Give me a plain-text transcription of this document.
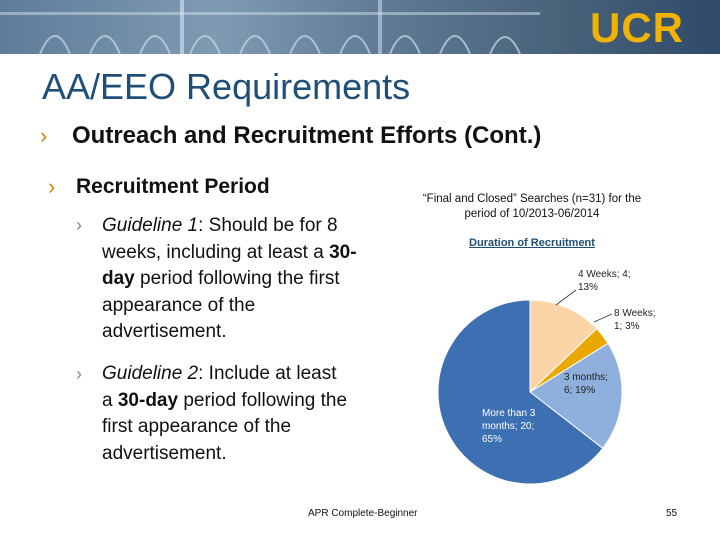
UCR
AA/EEO Requirements
› Outreach and Recruitment Efforts (Cont.)
› Recruitment Period
› Guideline 1: Should be for 8 weeks, including at least a 30-day period following the first appearance of the advertisement.
› Guideline 2: Include at least a 30-day period following the first appearance of the advertisement.
“Final and Closed” Searches (n=31) for the period of 10/2013-06/2014
Duration of Recruitment
4 Weeks; 4; 13%
8 Weeks; 1; 3%
3 months; 6; 19%
More than 3 months; 20; 65%
APR Complete-Beginner	55
